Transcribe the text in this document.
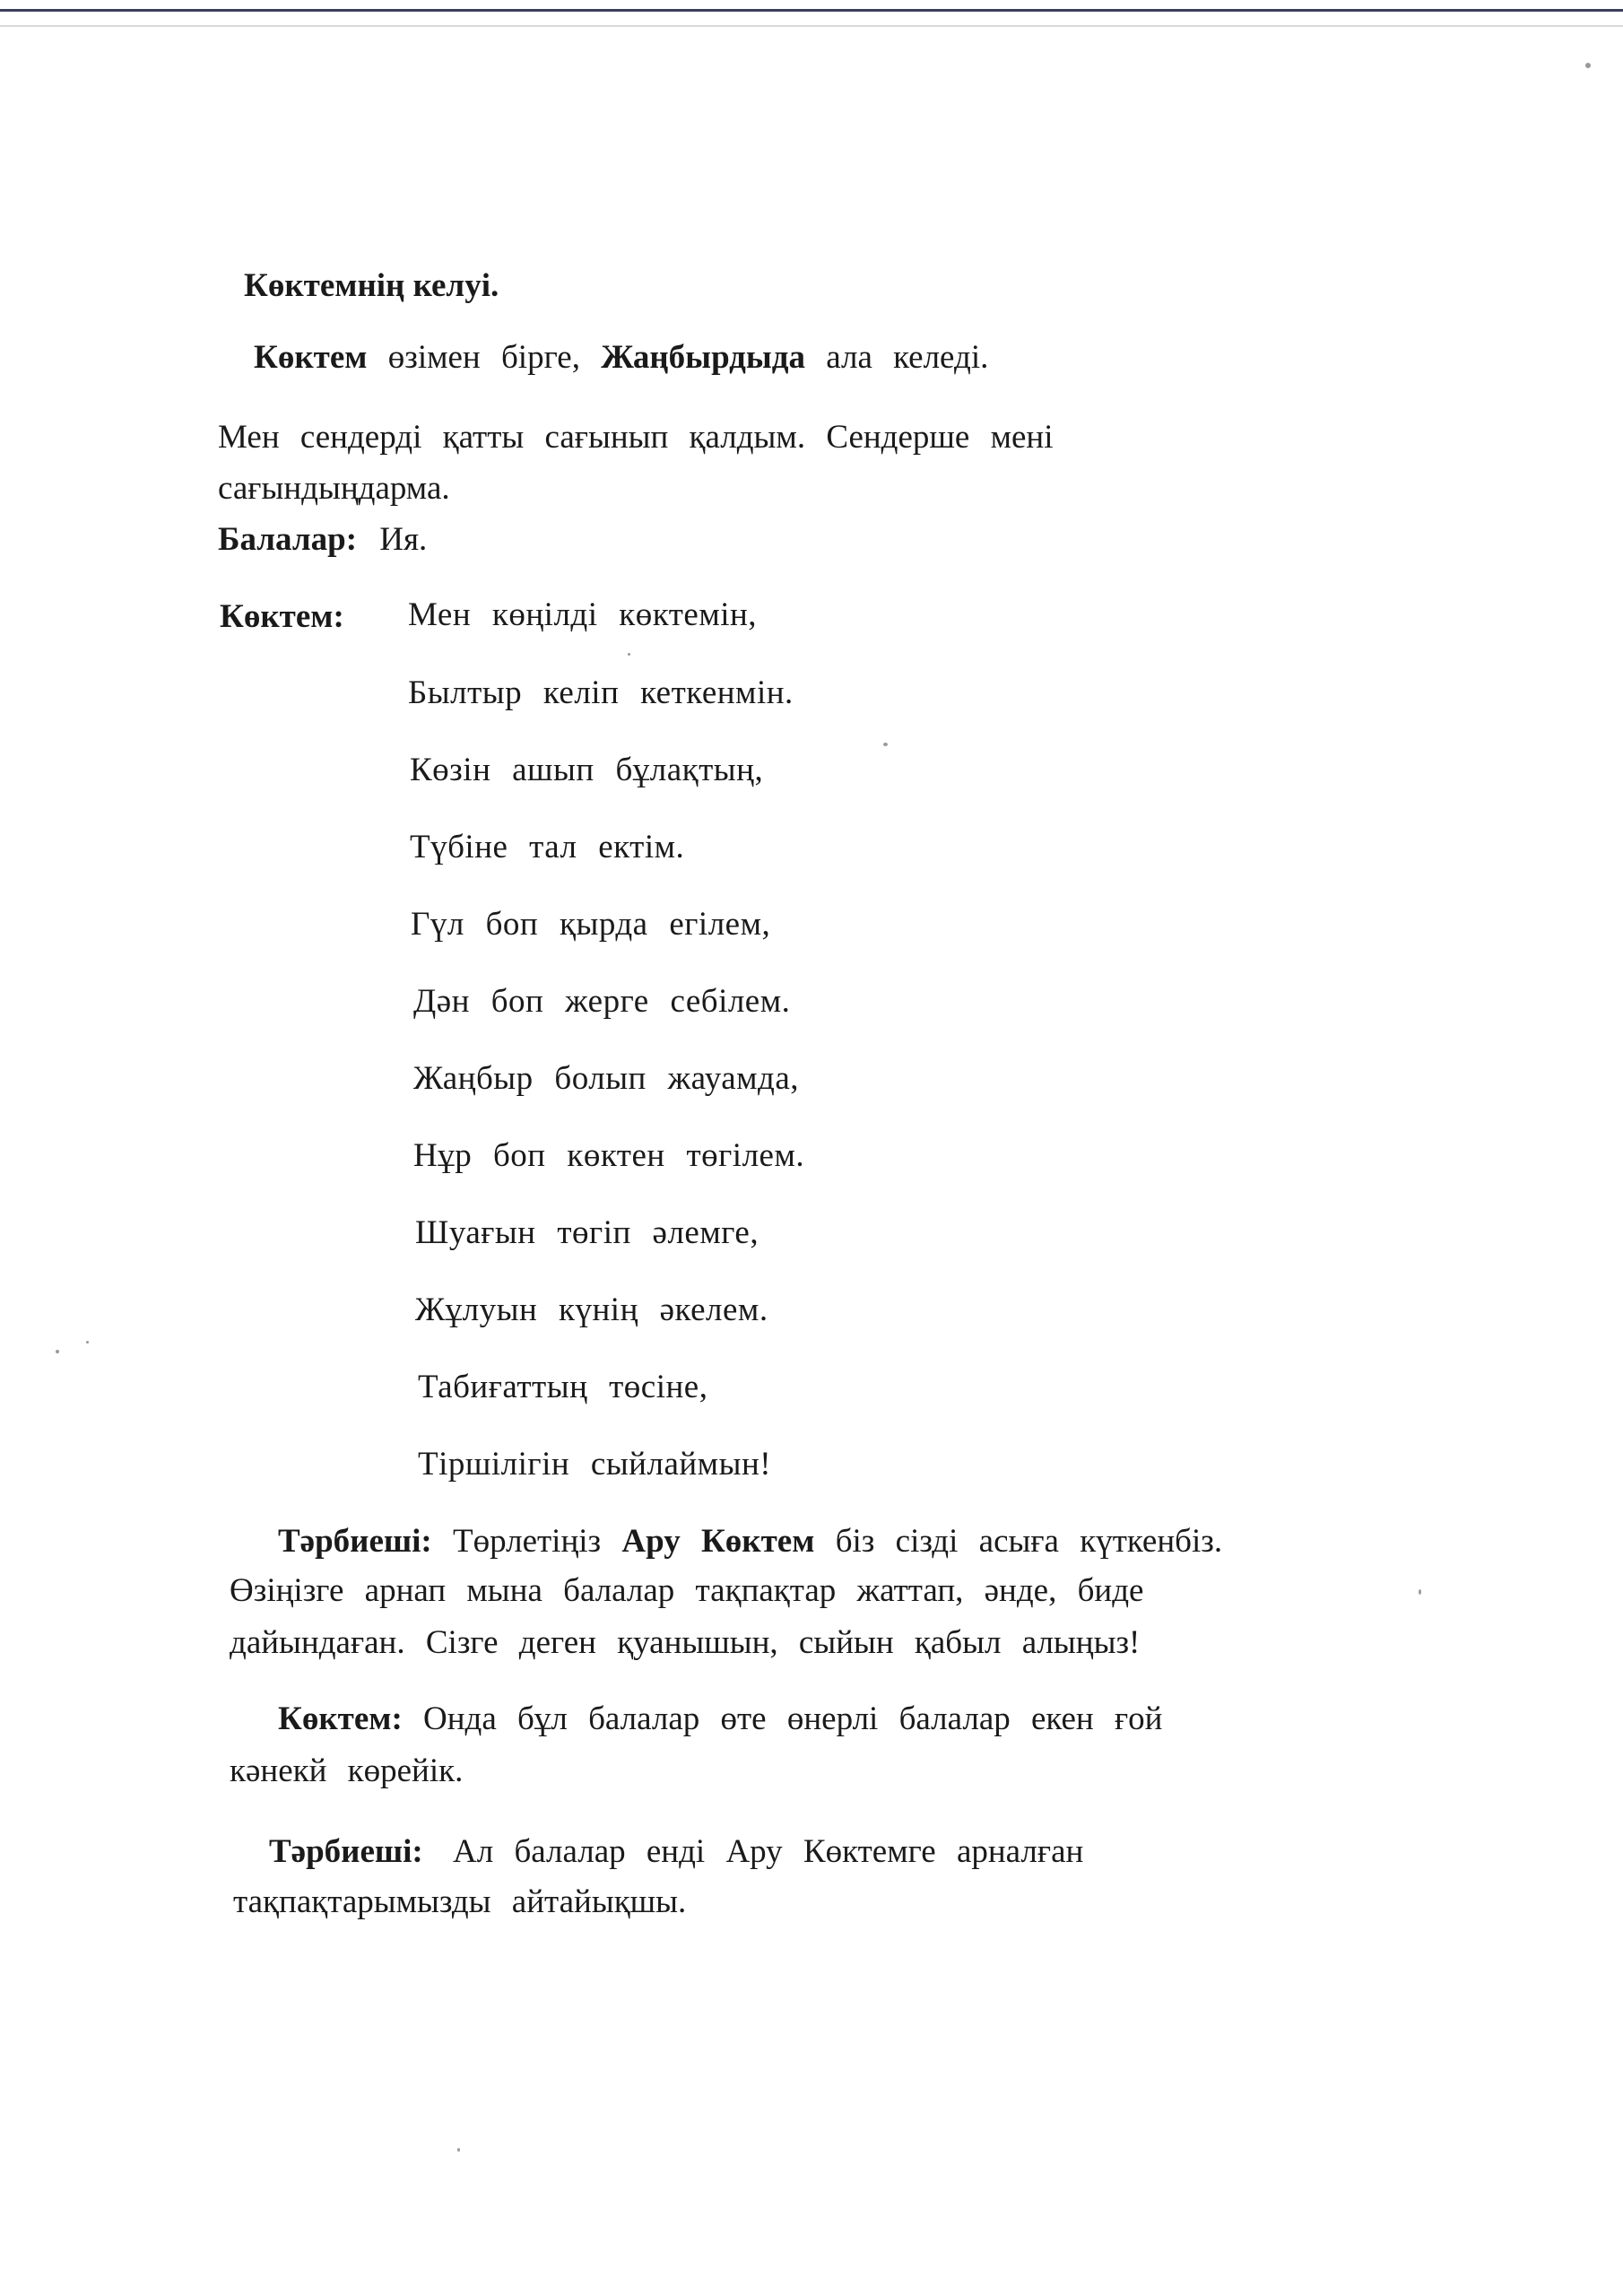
Көктемнің келуі.

Көктем өзімен бірге, Жаңбырдыда ала келеді.

Мен сендерді қатты сағынып қалдым. Сендерше мені

сағындыңдарма.

Балалар: Ия.

Көктем: Мен көңілді көктемін,

Былтыр келіп кеткенмін.

Көзін ашып бұлақтың,

Түбіне тал ектім.

Гүл боп қырда егілем,

Дән боп жерге себілем.

Жаңбыр болып жауамда,

Нұр боп көктен төгілем.

Шуағын төгіп әлемге,

Жұлуын күнің әкелем.

Табиғаттың төсіне,

Тіршілігін сыйлаймын!

Тәрбиеші: Төрлетіңіз Ару Көктем біз сізді асыға күткенбіз.

Өзіңізге арнап мына балалар тақпақтар жаттап, әнде, биде

дайындаған. Сізге деген қуанышын, сыйын қабыл алыңыз!

Көктем: Онда бұл балалар өте өнерлі балалар екен ғой

кәнекй көрейік.

Тәрбиеші: Ал балалар енді Ару Көктемге арналған

тақпақтарымызды айтайықшы.
